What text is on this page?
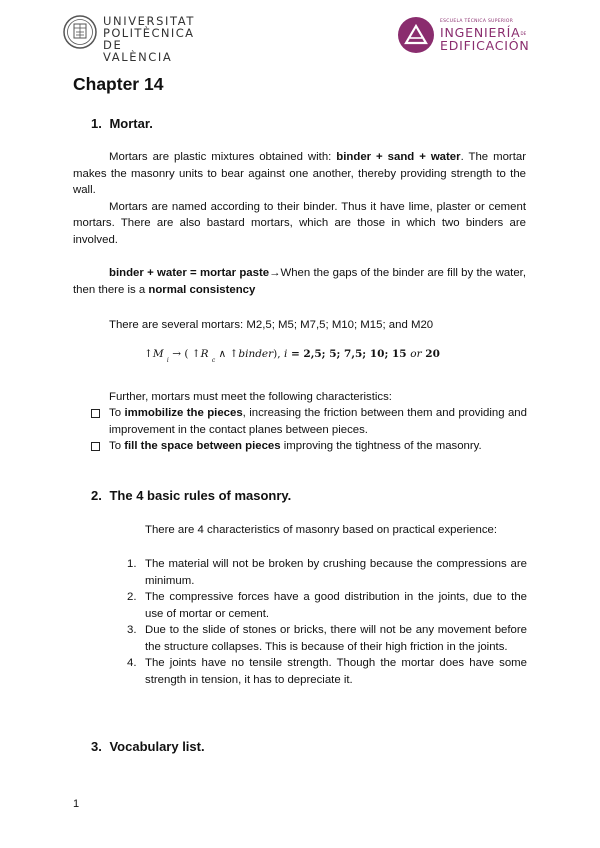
UNIVERSITAT
POLITÈCNICA
DE VALÈNCIA
ESCUELA TÉCNICA SUPERIOR
INGENIERÍADE
EDIFICACIÓN
Chapter 14
1. Mortar.

Mortars are plastic mixtures obtained with: binder + sand + water. The mortar makes the masonry units to bear against one another, thereby providing strength to the wall.

Mortars are named according to their binder. Thus it have lime, plaster or cement mortars. There are also bastard mortars, which are those in which two binders are involved.

binder + water = mortar paste→When the gaps of the binder are fill by the water, then there is a normal consistency

There are several mortars: M2,5; M5; M7,5; M10; M15; and M20
↑M $_i$ → ( ↑R $_c$ ∧ ↑binder), i = 2,5; 5; 7,5; 10; 15 or 20
Further, mortars must meet the following characteristics:

To immobilize the pieces, increasing the friction between them and providing and improvement in the contact planes between pieces.

To fill the space between pieces improving the tightness of the masonry.

2. The 4 basic rules of masonry.
There are 4 characteristics of masonry based on practical experience:
1. The material will not be broken by crushing because the compressions are minimum.
2. The compressive forces have a good distribution in the joints, due to the use of mortar or cement.
3. Due to the slide of stones or bricks, there will not be any movement before the structure collapses. This is because of their high friction in the joints.
4. The joints have no tensile strength. Though the mortar does have some strength in tension, it has to depreciate it.
3. Vocabulary list.
1
